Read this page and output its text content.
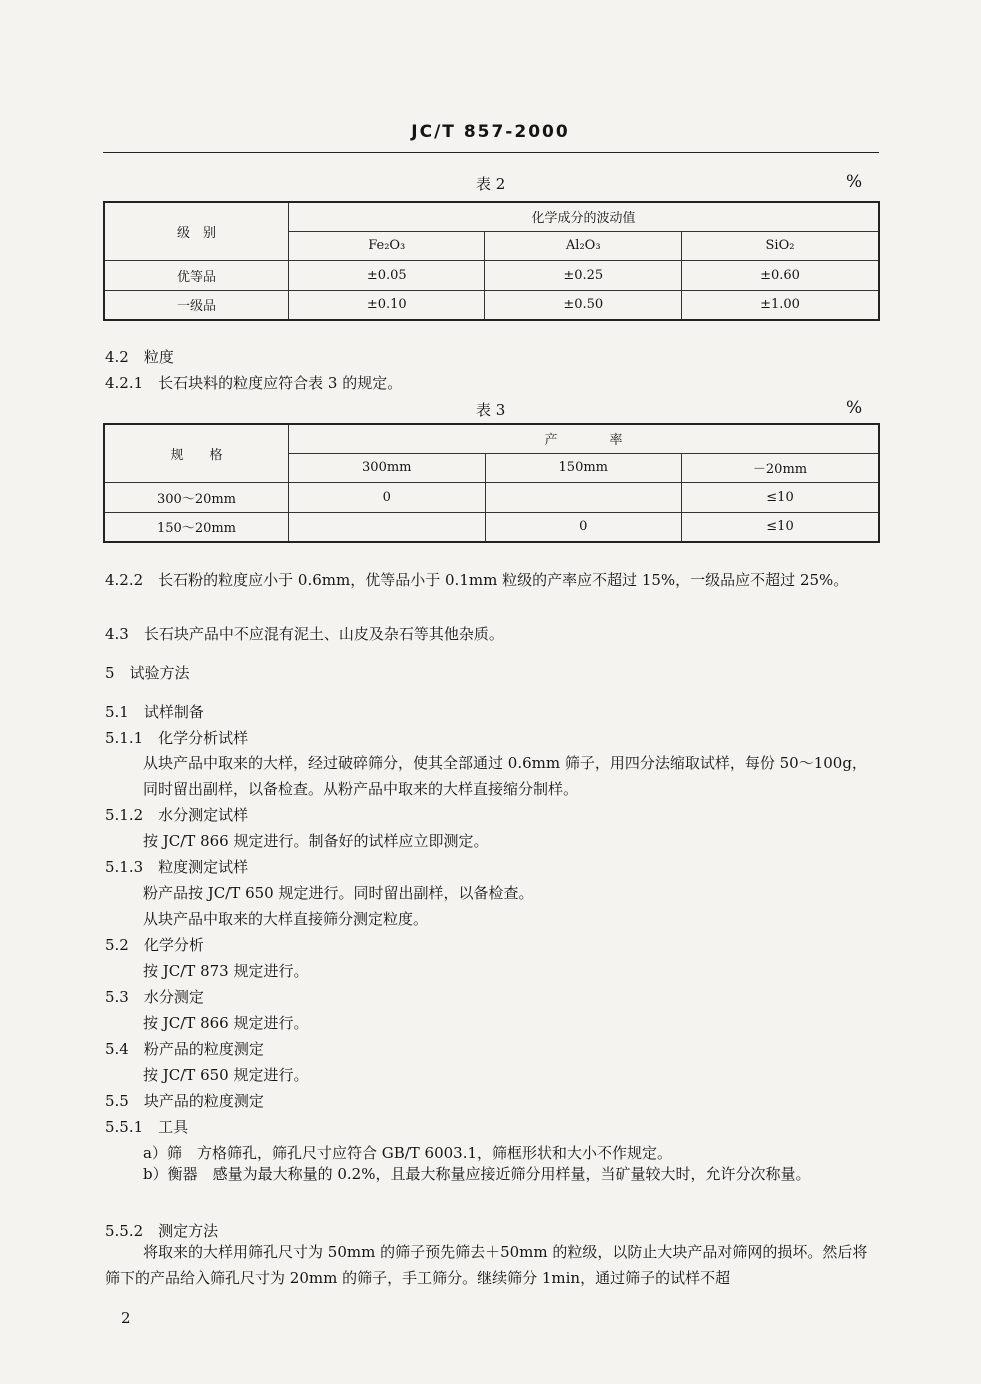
JC/T 857-2000
表 2	%
级　别	化学成分的波动值		
	Fe₂O₃	Al₂O₃	SiO₂
优等品	±0.05	±0.25	±0.60
一级品	±0.10	±0.50	±1.00
4.2　粒度
4.2.1　长石块料的粒度应符合表 3 的规定。
表 3	%
规　　格	产　　　　率		
	300mm	150mm	－20mm
300～20mm	0		≤10
150～20mm		0	≤10
4.2.2　长石粉的粒度应小于 0.6mm，优等品小于 0.1mm 粒级的产率应不超过 15%，一级品应不超过 25%。
4.3　长石块产品中不应混有泥土、山皮及杂石等其他杂质。
5　试验方法
5.1　试样制备
5.1.1　化学分析试样
从块产品中取来的大样，经过破碎筛分，使其全部通过 0.6mm 筛子，用四分法缩取试样，每份 50～100g，同时留出副样，以备检查。从粉产品中取来的大样直接缩分制样。
5.1.2　水分测定试样
按 JC/T 866 规定进行。制备好的试样应立即测定。
5.1.3　粒度测定试样
粉产品按 JC/T 650 规定进行。同时留出副样，以备检查。
从块产品中取来的大样直接筛分测定粒度。
5.2　化学分析
按 JC/T 873 规定进行。
5.3　水分测定
按 JC/T 866 规定进行。
5.4　粉产品的粒度测定
按 JC/T 650 规定进行。
5.5　块产品的粒度测定
5.5.1　工具
a）筛　方格筛孔，筛孔尺寸应符合 GB/T 6003.1，筛框形状和大小不作规定。
b）衡器　感量为最大称量的 0.2%，且最大称量应接近筛分用样量，当矿量较大时，允许分次称量。
5.5.2　测定方法
将取来的大样用筛孔尺寸为 50mm 的筛子预先筛去＋50mm 的粒级，以防止大块产品对筛网的损坏。然后将筛下的产品给入筛孔尺寸为 20mm 的筛子，手工筛分。继续筛分 1min，通过筛子的试样不超
2
